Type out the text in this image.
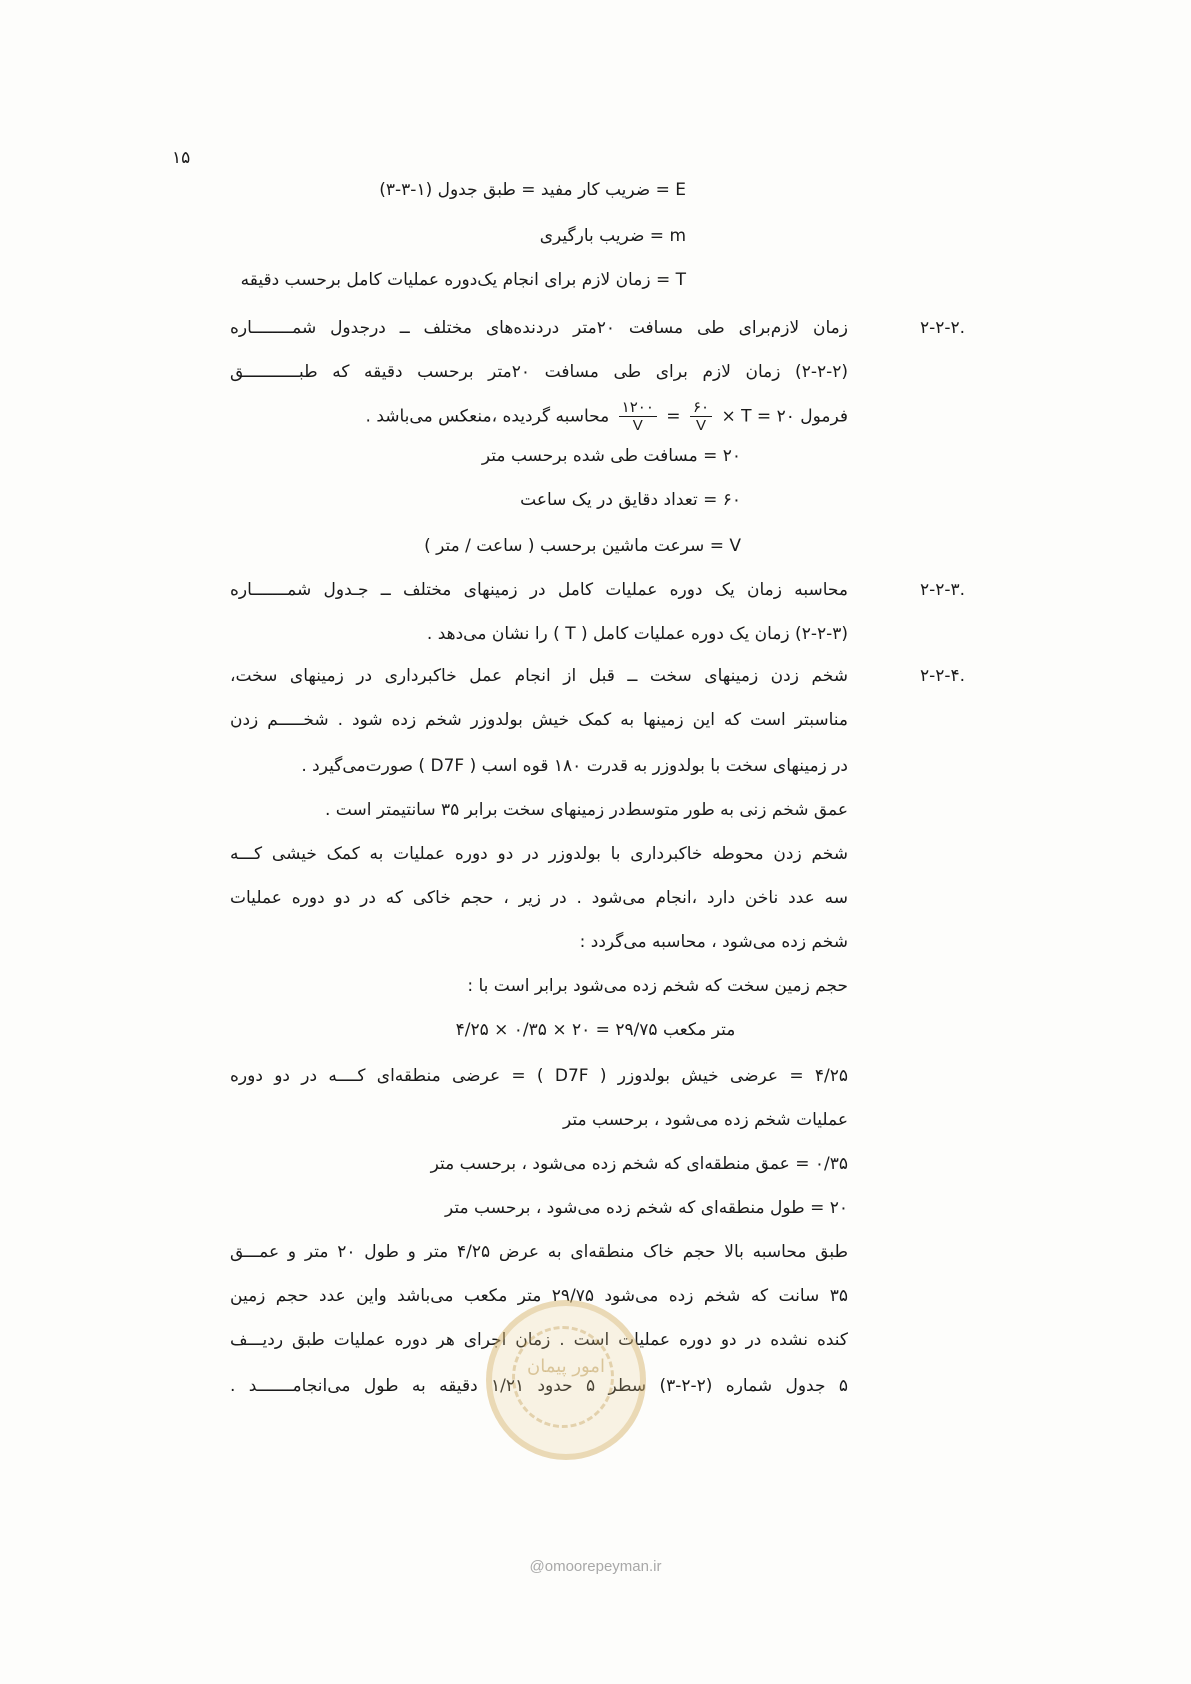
۱۵
E = ضریب کار مفید = طبق جدول (۱-۳-۳)
m = ضریب بارگیری
T = زمان لازم برای انجام یک‌دوره عملیات کامل برحسب دقیقه
۲-۲-۲.
زمان لازم‌برای طی مسافت ۲۰متر دردنده‌های مختلف ــ درجدول شمــــــــاره
(۲-۲-۲) زمان لازم برای طی مسافت ۲۰متر برحسب دقیقه که طبـــــــــــق
فرمول T = ۲۰ ×
$\frac{۶۰}{V}$
=
$\frac{۱۲۰۰}{V}$
محاسبه گردیده ،منعکس می‌باشد .
۲۰ = مسافت طی شده برحسب متر
۶۰ = تعداد دقایق در یک ساعت
V = سرعت ماشین برحسب ( ساعت / متر )
۲-۲-۳.
محاسبه زمان یک دوره عملیات کامل در زمینهای مختلف ــ جـدول شمـــــــاره
(۲-۲-۳) زمان یک دوره عملیات کامل ( T ) را نشان می‌دهد .
۲-۲-۴.
شخم زدن زمینهای سخت ــ قبل از انجام عمل خاکبرداری در زمینهای سخت،
مناسبتر است که این زمینها به کمک خیش بولدوزر شخم زده شود . شخـــــم زدن
در زمینهای سخت با بولدوزر به قدرت ۱۸۰ قوه اسب ( D7F ) صورت‌می‌گیرد .
عمق شخم زنی به طور متوسط‌در زمینهای سخت برابر ۳۵ سانتیمتر است .
شخم زدن محوطه خاکبرداری با بولدوزر در دو دوره عملیات به کمک خیشی کـــه
سه عدد ناخن دارد ،انجام می‌شود . در زیر ، حجم خاکی که در دو دوره عملیات
شخم زده می‌شود ، محاسبه می‌گردد :
حجم زمین سخت که شخم زده می‌شود برابر است با :
متر مکعب ۲۹/۷۵ = ۲۰ × ۰/۳۵ × ۴/۲۵
۴/۲۵ = عرضی خیش بولدوزر ( D7F ) = عرضی منطقه‌ای کــــه در دو دوره
عملیات شخم زده می‌شود ، برحسب متر
۰/۳۵ = عمق منطقه‌ای که شخم زده می‌شود ، برحسب متر
۲۰ = طول منطقه‌ای که شخم زده می‌شود ، برحسب متر
طبق محاسبه بالا حجم خاک منطقه‌ای به عرض ۴/۲۵ متر و طول ۲۰ متر و عمـــق
۳۵ سانت که شخم زده می‌شود ۲۹/۷۵ متر مکعب می‌باشد واین عدد حجم زمین
کنده نشده در دو دوره عملیات است . زمان اجرای هر دوره عملیات طبق ردیـــف
۵ جدول شماره (۲-۲-۳) سطر ۵ حدود ۱/۲۱ دقیقه به طول می‌انجامـــــــد .
امور پیمان
@omoorepeyman.ir
